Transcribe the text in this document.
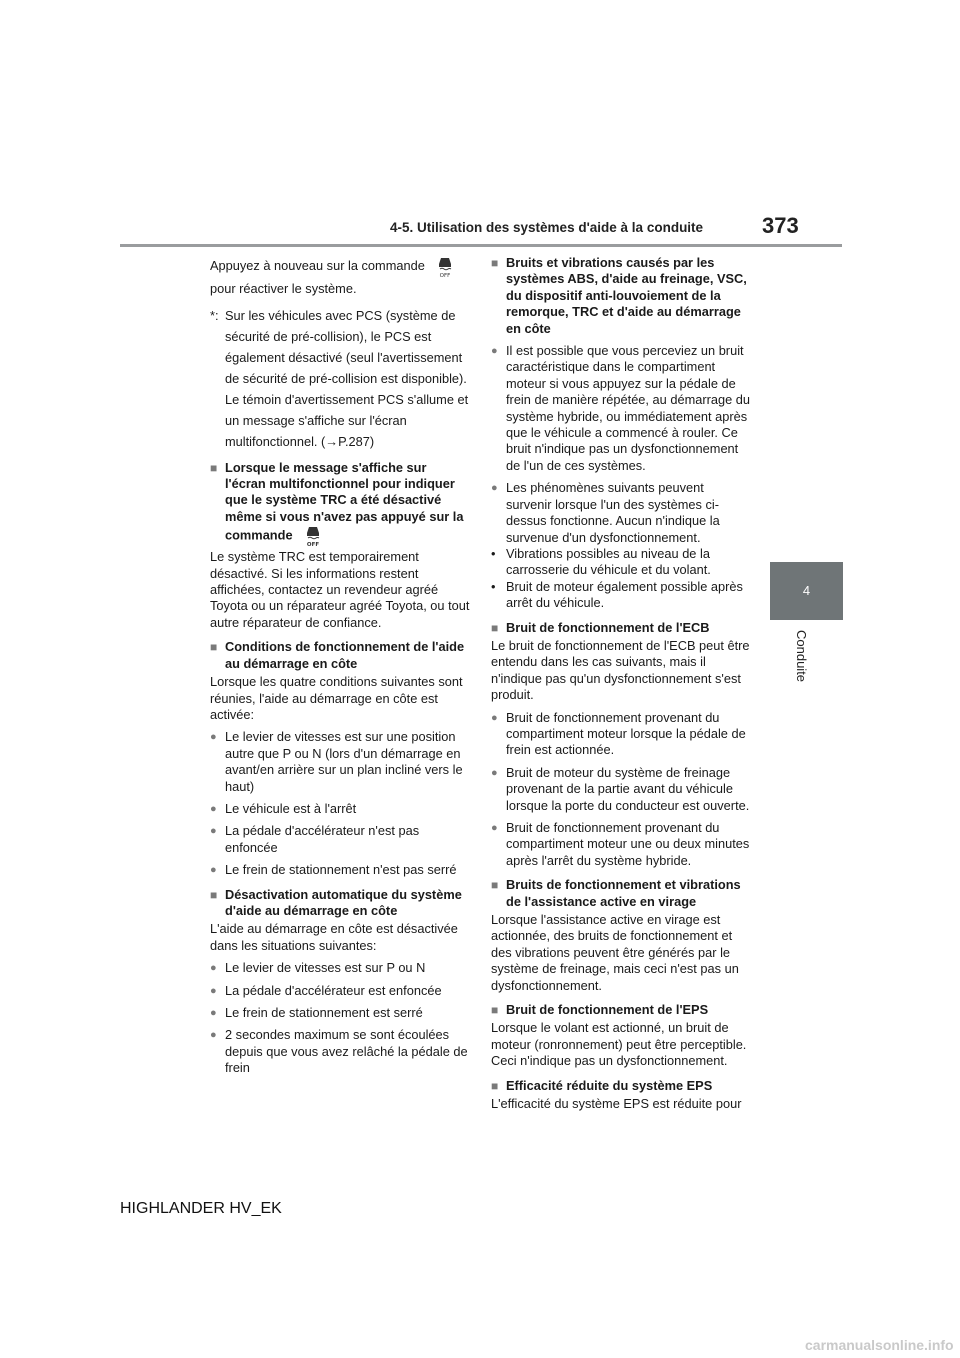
4-5. Utilisation des systèmes d'aide à la conduite	373
4
Conduite
Appuyez à nouveau sur la commande
OFF

pour réactiver le système.
*: Sur les véhicules avec PCS (système de sécurité de pré-collision), le PCS est également désactivé (seul l'avertissement de sécurité de pré-collision est disponible). Le témoin d'avertissement PCS s'allume et un message s'affiche sur l'écran multifonctionnel. (→P.287)
■ Lorsque le message s'affiche sur l'écran multifonctionnel pour indiquer que le système TRC a été désactivé même si vous n'avez pas appuyé sur la commande
OFF
Le système TRC est temporairement désactivé. Si les informations restent affichées, contactez un revendeur agréé Toyota ou un réparateur agréé Toyota, ou tout autre réparateur de confiance.
■ Conditions de fonctionnement de l'aide au démarrage en côte
Lorsque les quatre conditions suivantes sont réunies, l'aide au démarrage en côte est activée:
● Le levier de vitesses est sur une position autre que P ou N (lors d'un démarrage en avant/en arrière sur un plan incliné vers le haut)
● Le véhicule est à l'arrêt
● La pédale d'accélérateur n'est pas enfoncée
● Le frein de stationnement n'est pas serré
■ Désactivation automatique du système d'aide au démarrage en côte
L'aide au démarrage en côte est désactivée dans les situations suivantes:
● Le levier de vitesses est sur P ou N
● La pédale d'accélérateur est enfoncée
● Le frein de stationnement est serré
● 2 secondes maximum se sont écoulées depuis que vous avez relâché la pédale de frein
■ Bruits et vibrations causés par les systèmes ABS, d'aide au freinage, VSC, du dispositif anti-louvoiement de la remorque, TRC et d'aide au démarrage en côte
● Il est possible que vous perceviez un bruit caractéristique dans le compartiment moteur si vous appuyez sur la pédale de frein de manière répétée, au démarrage du système hybride, ou immédiatement après que le véhicule a commencé à rouler. Ce bruit n'indique pas un dysfonctionnement de l'un de ces systèmes.
● Les phénomènes suivants peuvent survenir lorsque l'un des systèmes ci-dessus fonctionne. Aucun n'indique la survenue d'un dysfonctionnement.
• Vibrations possibles au niveau de la carrosserie du véhicule et du volant.
• Bruit de moteur également possible après arrêt du véhicule.
■ Bruit de fonctionnement de l'ECB
Le bruit de fonctionnement de l'ECB peut être entendu dans les cas suivants, mais il n'indique pas qu'un dysfonctionnement s'est produit.
● Bruit de fonctionnement provenant du compartiment moteur lorsque la pédale de frein est actionnée.
● Bruit de moteur du système de freinage provenant de la partie avant du véhicule lorsque la porte du conducteur est ouverte.
● Bruit de fonctionnement provenant du compartiment moteur une ou deux minutes après l'arrêt du système hybride.
■ Bruits de fonctionnement et vibrations de l'assistance active en virage
Lorsque l'assistance active en virage est actionnée, des bruits de fonctionnement et des vibrations peuvent être générés par le système de freinage, mais ceci n'est pas un dysfonctionnement.
■ Bruit de fonctionnement de l'EPS
Lorsque le volant est actionné, un bruit de moteur (ronronnement) peut être perceptible. Ceci n'indique pas un dysfonctionnement.
■ Efficacité réduite du système EPS
L'efficacité du système EPS est réduite pour
HIGHLANDER HV_EK
carmanualsonline.info
